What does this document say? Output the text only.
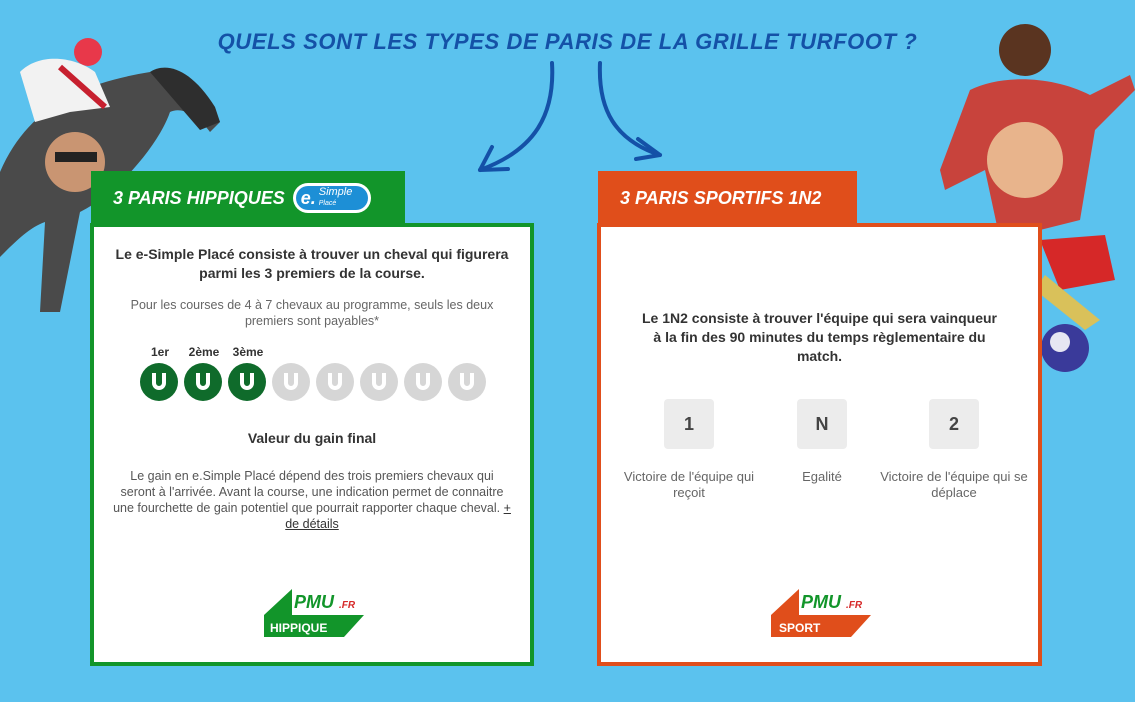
QUELS SONT LES TYPES DE PARIS DE LA GRILLE TURFOOT ?
3 PARIS HIPPIQUES e. Simple
Placé
Le e-Simple Placé consiste à trouver un cheval qui figurera parmi les 3 premiers de la course.
Pour les courses de 4 à 7 chevaux au programme, seuls les deux premiers sont payables*
1er	2ème	3ème
Valeur du gain final
Le gain en e.Simple Placé dépend des trois premiers chevaux qui seront à l'arrivée. Avant la course, une indication permet de connaitre une fourchette de gain potentiel que pourrait rapporter chaque cheval. + de détails
PMU .FR
HIPPIQUE
3 PARIS SPORTIFS 1N2
Le 1N2 consiste à trouver l'équipe qui sera vainqueur à la fin des 90 minutes du temps règlementaire du match.
1
Victoire de l'équipe qui reçoit
N
Egalité
2
Victoire de l'équipe qui se déplace
PMU .FR
SPORT
